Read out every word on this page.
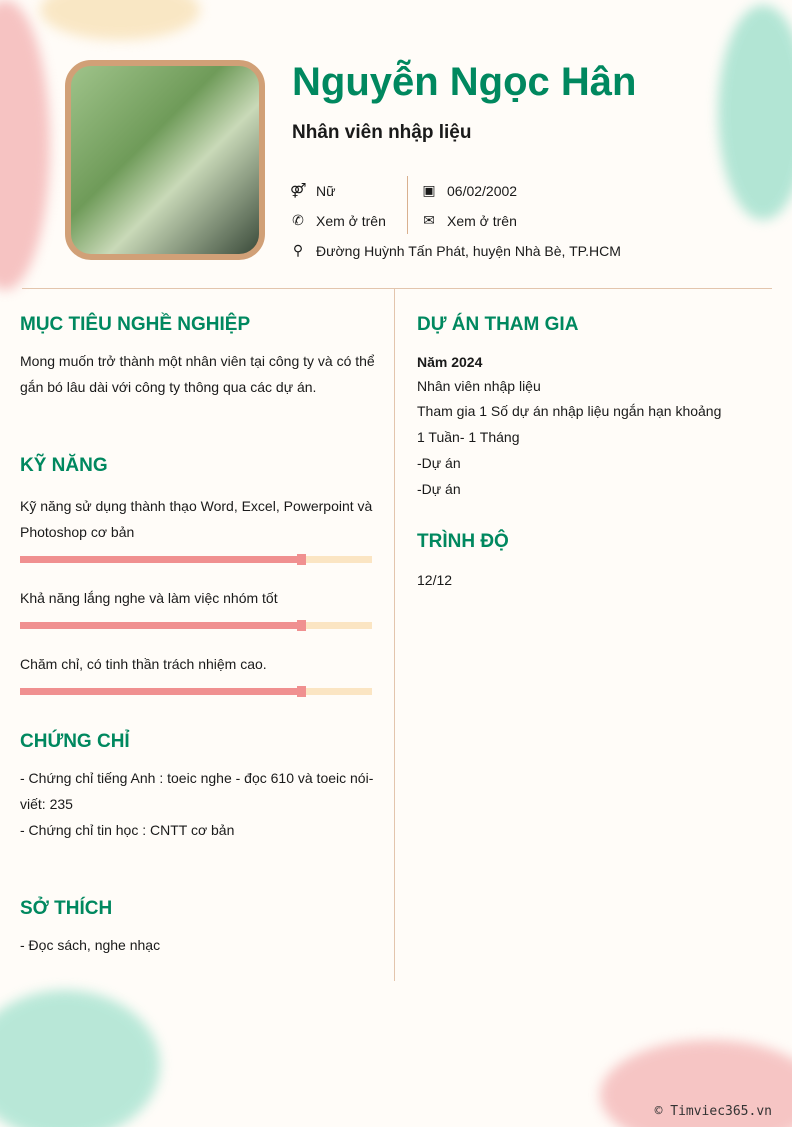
Nguyễn Ngọc Hân
Nhân viên nhập liệu
⚤ Nữ
✆ Xem ở trên
⚲ Đường Huỳnh Tấn Phát, huyện Nhà Bè, TP.HCM
▣ 06/02/2002
✉ Xem ở trên
MỤC TIÊU NGHỀ NGHIỆP
Mong muốn trở thành một nhân viên tại công ty và có thể gắn bó lâu dài với công ty thông qua các dự án.
KỸ NĂNG
Kỹ năng sử dụng thành thạo Word, Excel, Powerpoint và Photoshop cơ bản
Khả năng lắng nghe và làm việc nhóm tốt
Chăm chỉ, có tinh thần trách nhiệm cao.
CHỨNG CHỈ
- Chứng chỉ tiếng Anh : toeic nghe - đọc 610 và toeic nói-viết: 235
- Chứng chỉ tin học : CNTT cơ bản
SỞ THÍCH
- Đọc sách, nghe nhạc
DỰ ÁN THAM GIA
Năm 2024
Nhân viên nhập liệu
Tham gia 1 Số dự án nhập liệu ngắn hạn khoảng
1 Tuần- 1 Tháng
-Dự án
-Dự án
TRÌNH ĐỘ
12/12
© Timviec365.vn
